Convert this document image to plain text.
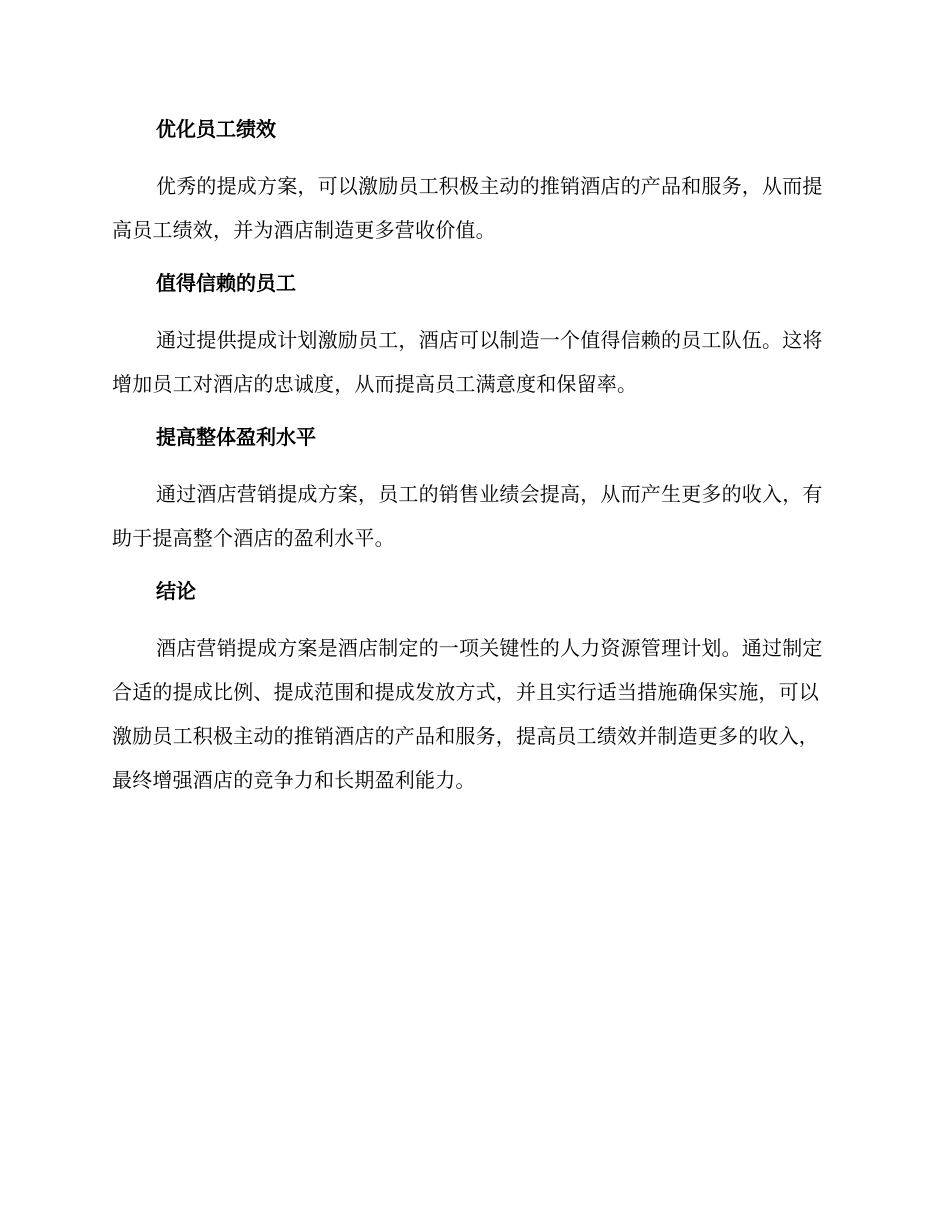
优化员工绩效

优秀的提成方案，可以激励员工积极主动的推销酒店的产品和服务，从而提高员工绩效，并为酒店制造更多营收价值。

值得信赖的员工

通过提供提成计划激励员工，酒店可以制造一个值得信赖的员工队伍。这将增加员工对酒店的忠诚度，从而提高员工满意度和保留率。

提高整体盈利水平

通过酒店营销提成方案，员工的销售业绩会提高，从而产生更多的收入，有助于提高整个酒店的盈利水平。

结论

酒店营销提成方案是酒店制定的一项关键性的人力资源管理计划。通过制定合适的提成比例、提成范围和提成发放方式，并且实行适当措施确保实施，可以激励员工积极主动的推销酒店的产品和服务，提高员工绩效并制造更多的收入，最终增强酒店的竞争力和长期盈利能力。
